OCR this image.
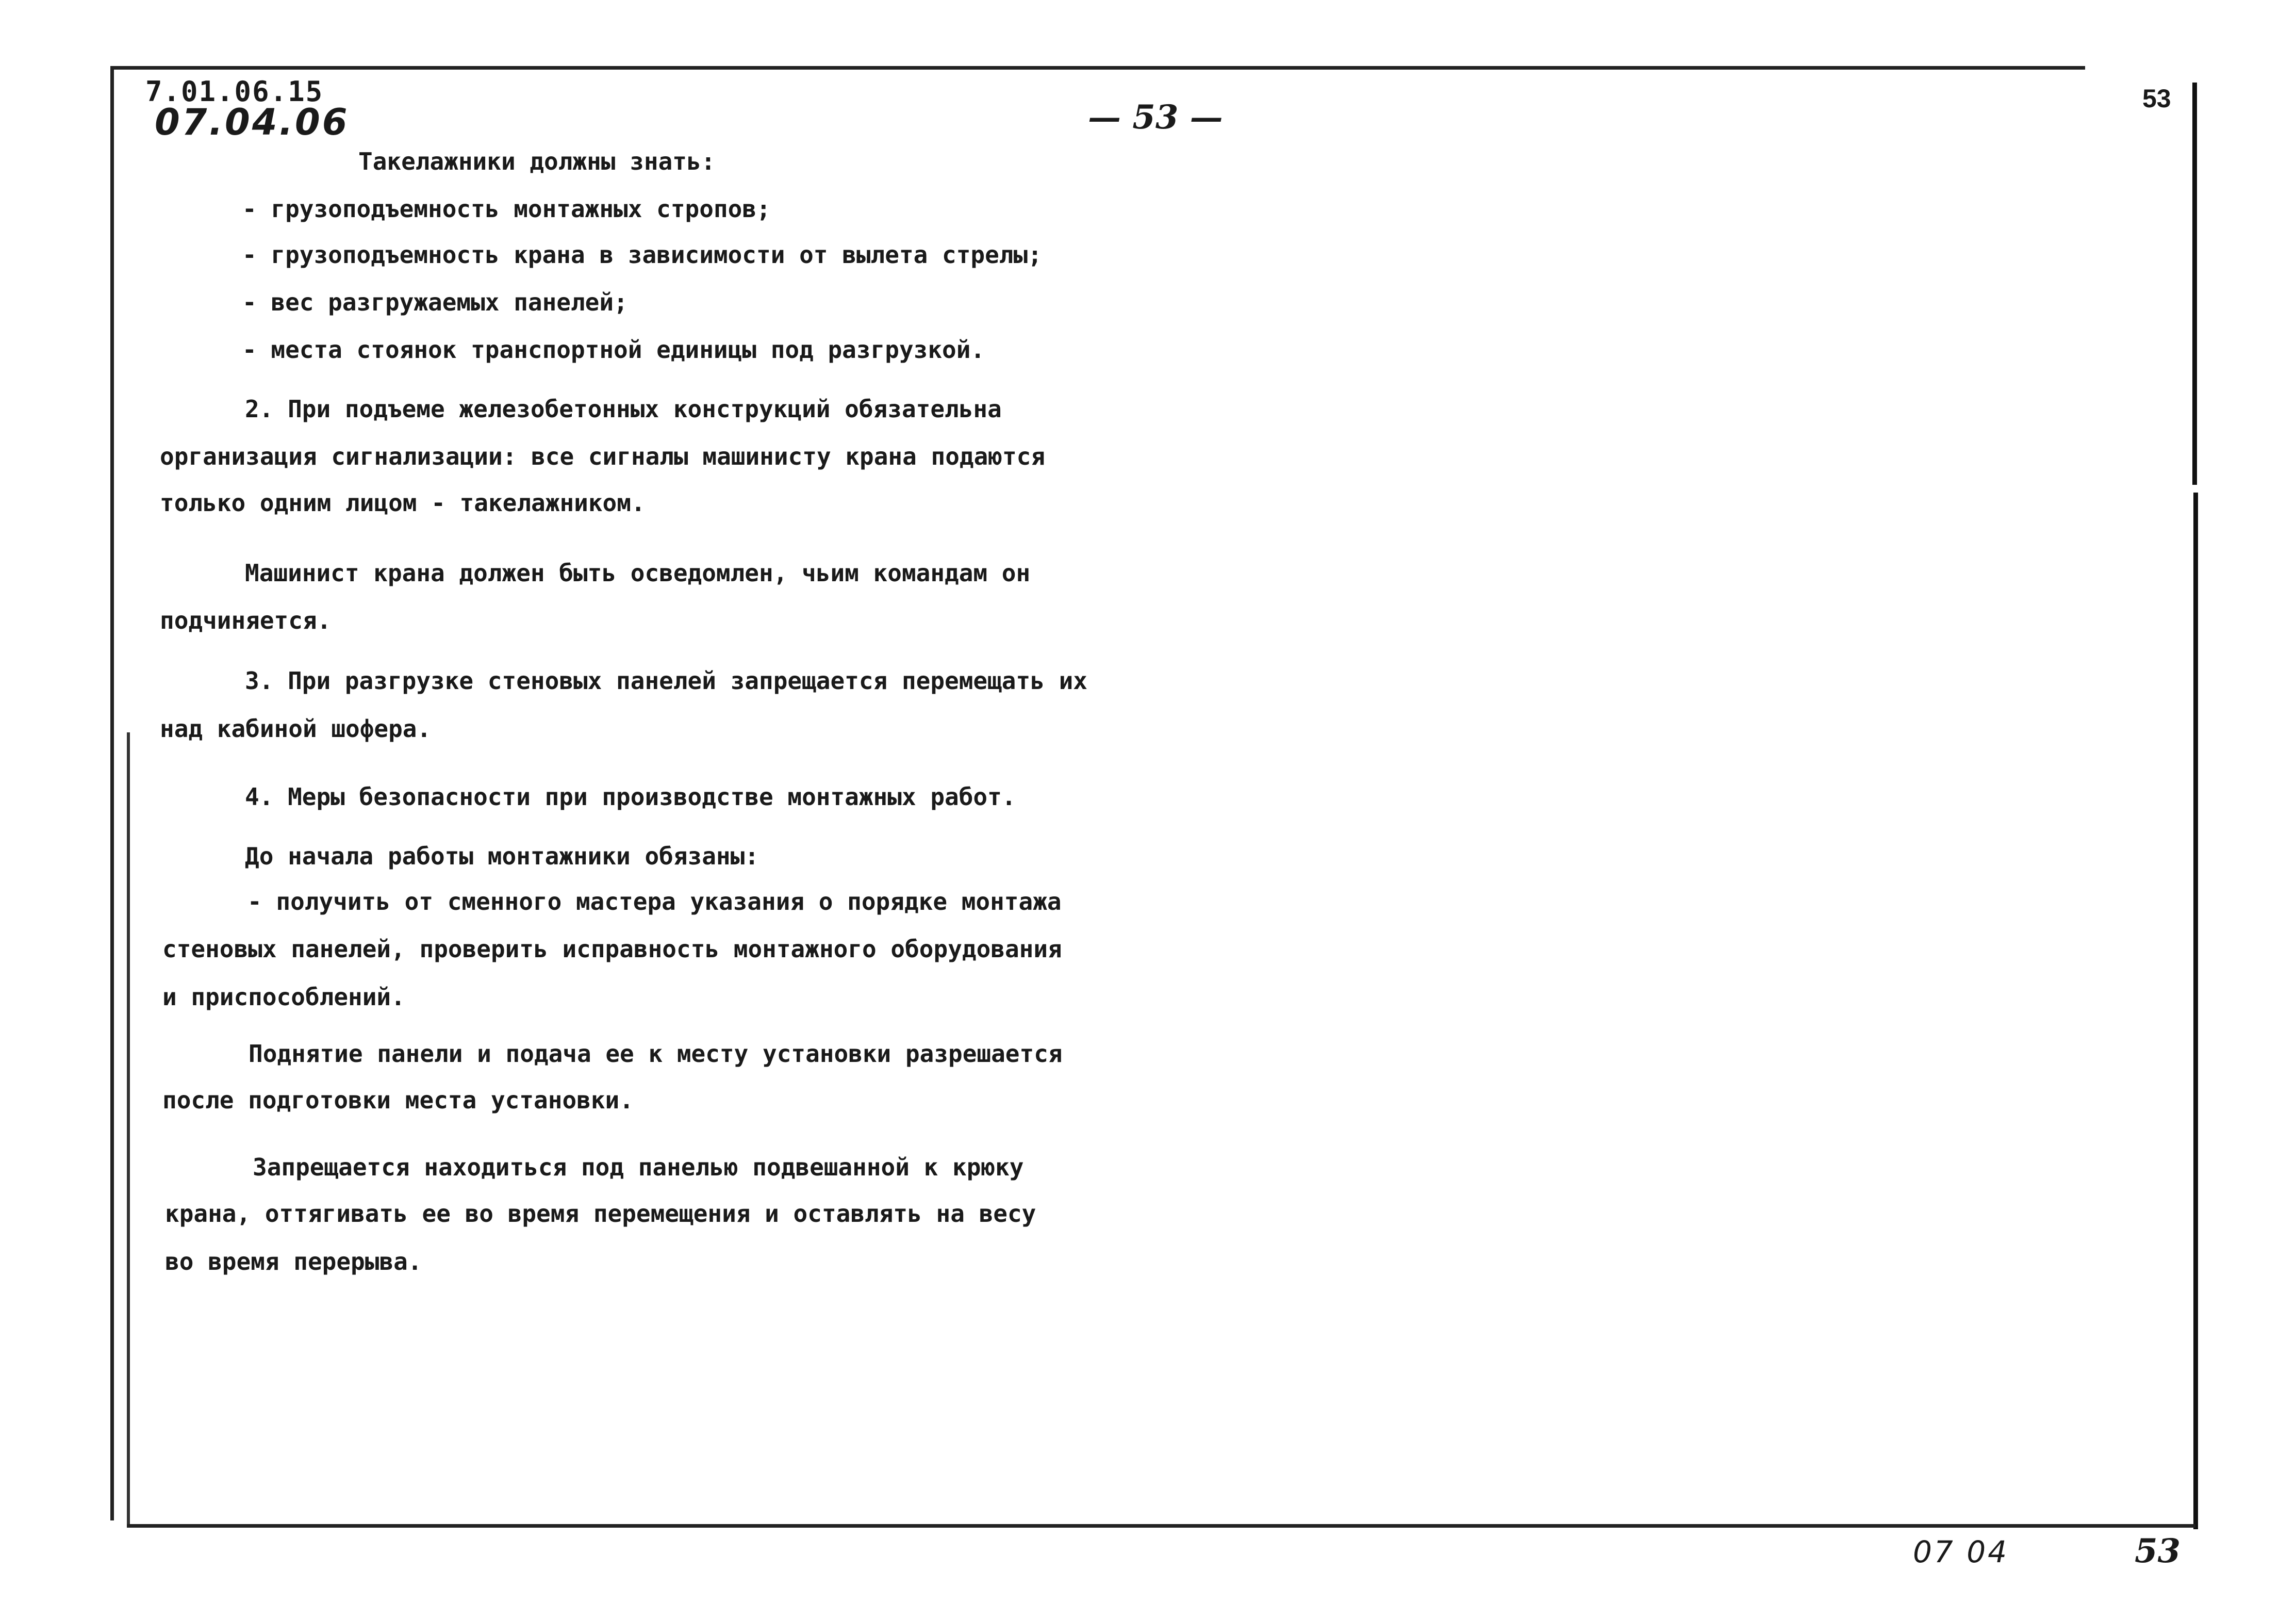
7.01.06.15
07.04.06	— 53 —	53
Такелажники должны знать:
- грузоподъемность монтажных стропов;
- грузоподъемность крана в зависимости от вылета стрелы;
- вес разгружаемых панелей;
- места стоянок транспортной единицы под разгрузкой.
2. При подъеме железобетонных конструкций обязательна
организация сигнализации: все сигналы машинисту крана подаются
только одним лицом - такелажником.
Машинист крана должен быть осведомлен, чьим командам он
подчиняется.
3. При разгрузке стеновых панелей запрещается перемещать их
над кабиной шофера.
4. Меры безопасности при производстве монтажных работ.
До начала работы монтажники обязаны:
- получить от сменного мастера указания о порядке монтажа
стеновых панелей, проверить исправность монтажного оборудования
и приспособлений.
Поднятие панели и подача ее к месту установки разрешается
после подготовки места установки.
Запрещается находиться под панелью подвешанной к крюку
крана, оттягивать ее во время перемещения и оставлять на весу
во время перерыва.
07 04	53
